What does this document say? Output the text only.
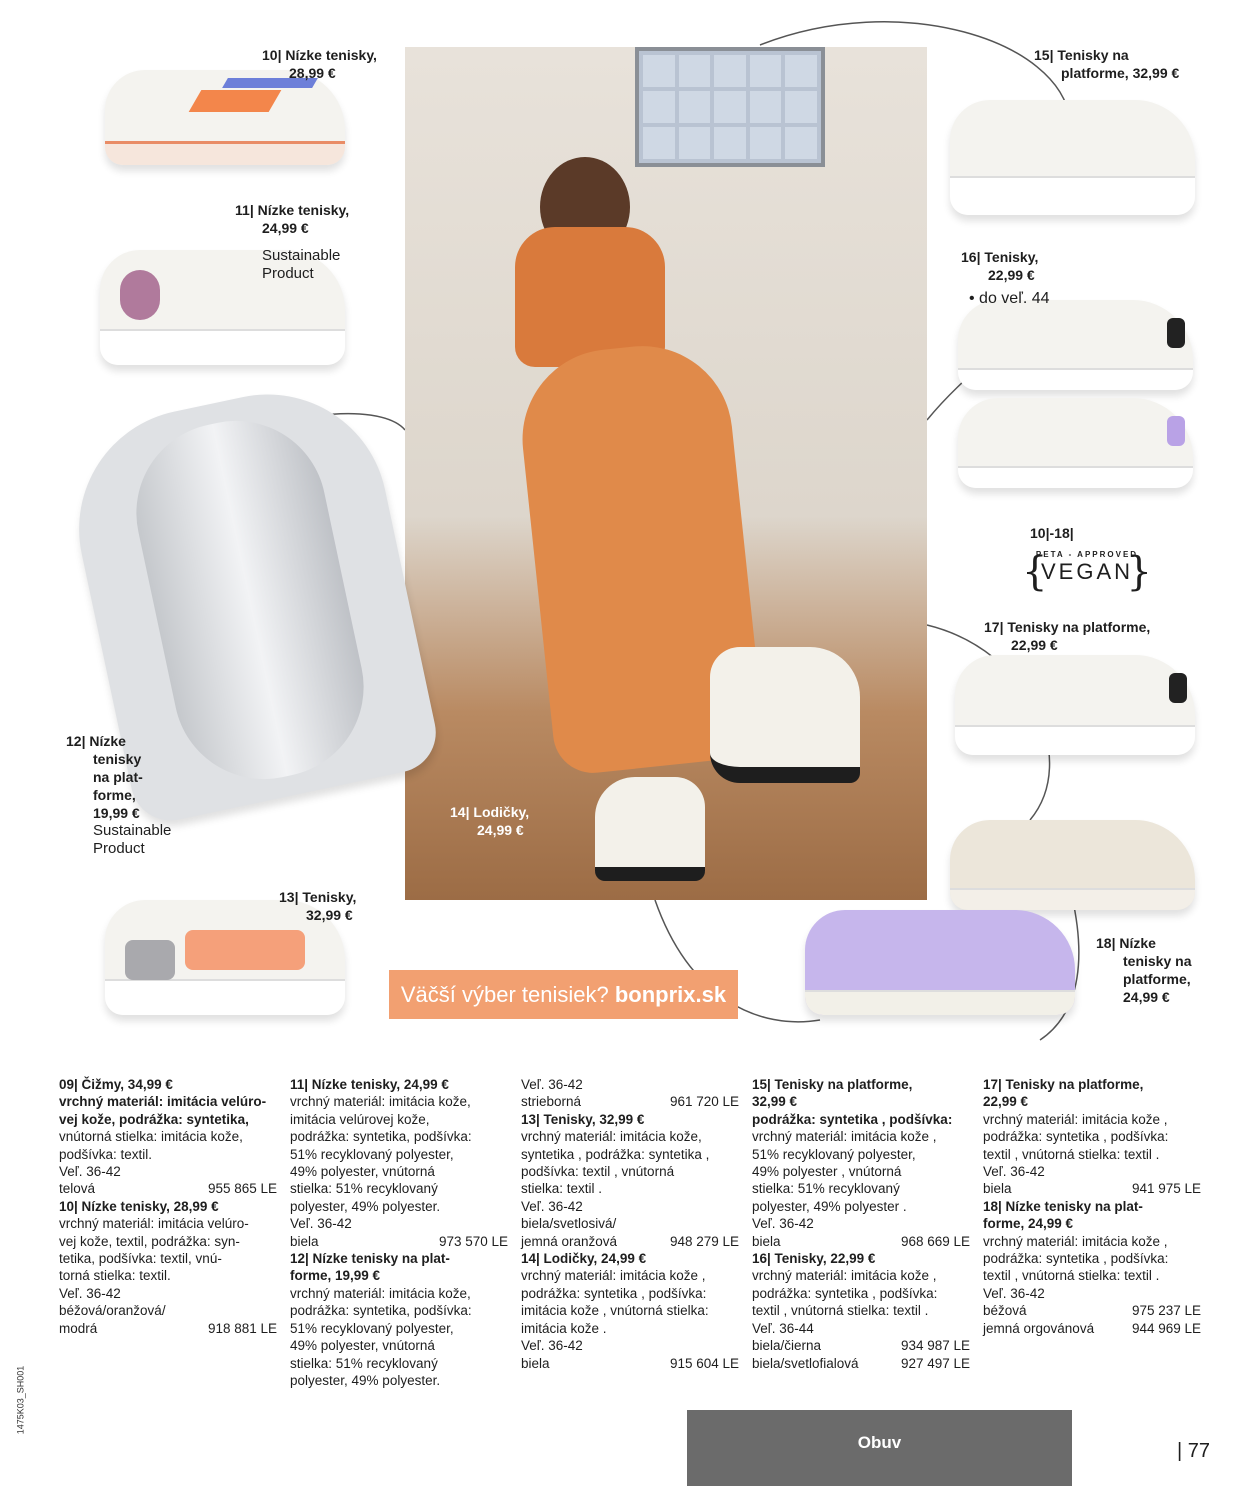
10| Nízke tenisky,
28,99 €
11| Nízke tenisky,
24,99 €
Sustainable
Product
12| Nízke
tenisky
na plat-
forme,
19,99 €
Sustainable
Product
13| Tenisky,
32,99 €
14| Lodičky,
24,99 €
15| Tenisky na
platforme, 32,99 €
16| Tenisky,
22,99 €
• do veľ. 44
17| Tenisky na platforme,
22,99 €
18| Nízke
tenisky na
platforme,
24,99 €
10|-18|
{
PETA - APPROVED
VEGAN
}
Väčší výber tenisiek? bonprix.sk
09| Čižmy, 34,99 €
vrchný materiál: imitácia velúro-
vej kože, podrážka: syntetika,
vnútorná stielka: imitácia kože,
podšívka: textil.
Veľ. 36-42
telová	955 865 LE
10| Nízke tenisky, 28,99 €
vrchný materiál: imitácia velúro-
vej kože, textil, podrážka: syn-
tetika, podšívka: textil, vnú-
torná stielka: textil.
Veľ. 36-42
béžová/oranžová/
modrá	918 881 LE
11| Nízke tenisky, 24,99 €
vrchný materiál: imitácia kože,
imitácia velúrovej kože,
podrážka: syntetika, podšívka:
51% recyklovaný polyester,
49% polyester, vnútorná
stielka: 51% recyklovaný
polyester, 49% polyester.
Veľ. 36-42
biela	973 570 LE
12| Nízke tenisky na plat-
forme, 19,99 €
vrchný materiál: imitácia kože,
podrážka: syntetika, podšívka:
51% recyklovaný polyester,
49% polyester, vnútorná
stielka: 51% recyklovaný
polyester, 49% polyester.
Veľ. 36-42
strieborná	961 720 LE
13| Tenisky, 32,99 €
vrchný materiál: imitácia kože,
syntetika , podrážka: syntetika ,
podšívka: textil , vnútorná
stielka: textil .
Veľ. 36-42
biela/svetlosivá/
jemná oranžová	948 279 LE
14| Lodičky, 24,99 €
vrchný materiál: imitácia kože ,
podrážka: syntetika , podšívka:
imitácia kože , vnútorná stielka:
imitácia kože .
Veľ. 36-42
biela	915 604 LE
15| Tenisky na platforme,
32,99 €
podrážka: syntetika , podšívka:
vrchný materiál: imitácia kože ,
51% recyklovaný polyester,
49% polyester , vnútorná
stielka: 51% recyklovaný
polyester, 49% polyester .
Veľ. 36-42
biela	968 669 LE
16| Tenisky, 22,99 €
vrchný materiál: imitácia kože ,
podrážka: syntetika , podšívka:
textil , vnútorná stielka: textil .
Veľ. 36-44
biela/čierna	934 987 LE
biela/svetlofialová	927 497 LE
17| Tenisky na platforme,
22,99 €
vrchný materiál: imitácia kože ,
podrážka: syntetika , podšívka:
textil , vnútorná stielka: textil .
Veľ. 36-42
biela	941 975 LE
18| Nízke tenisky na plat-
forme, 24,99 €
vrchný materiál: imitácia kože ,
podrážka: syntetika , podšívka:
textil , vnútorná stielka: textil .
Veľ. 36-42
béžová	975 237 LE
jemná orgovánová	944 969 LE
Obuv	| 77
1475K03_SH001
